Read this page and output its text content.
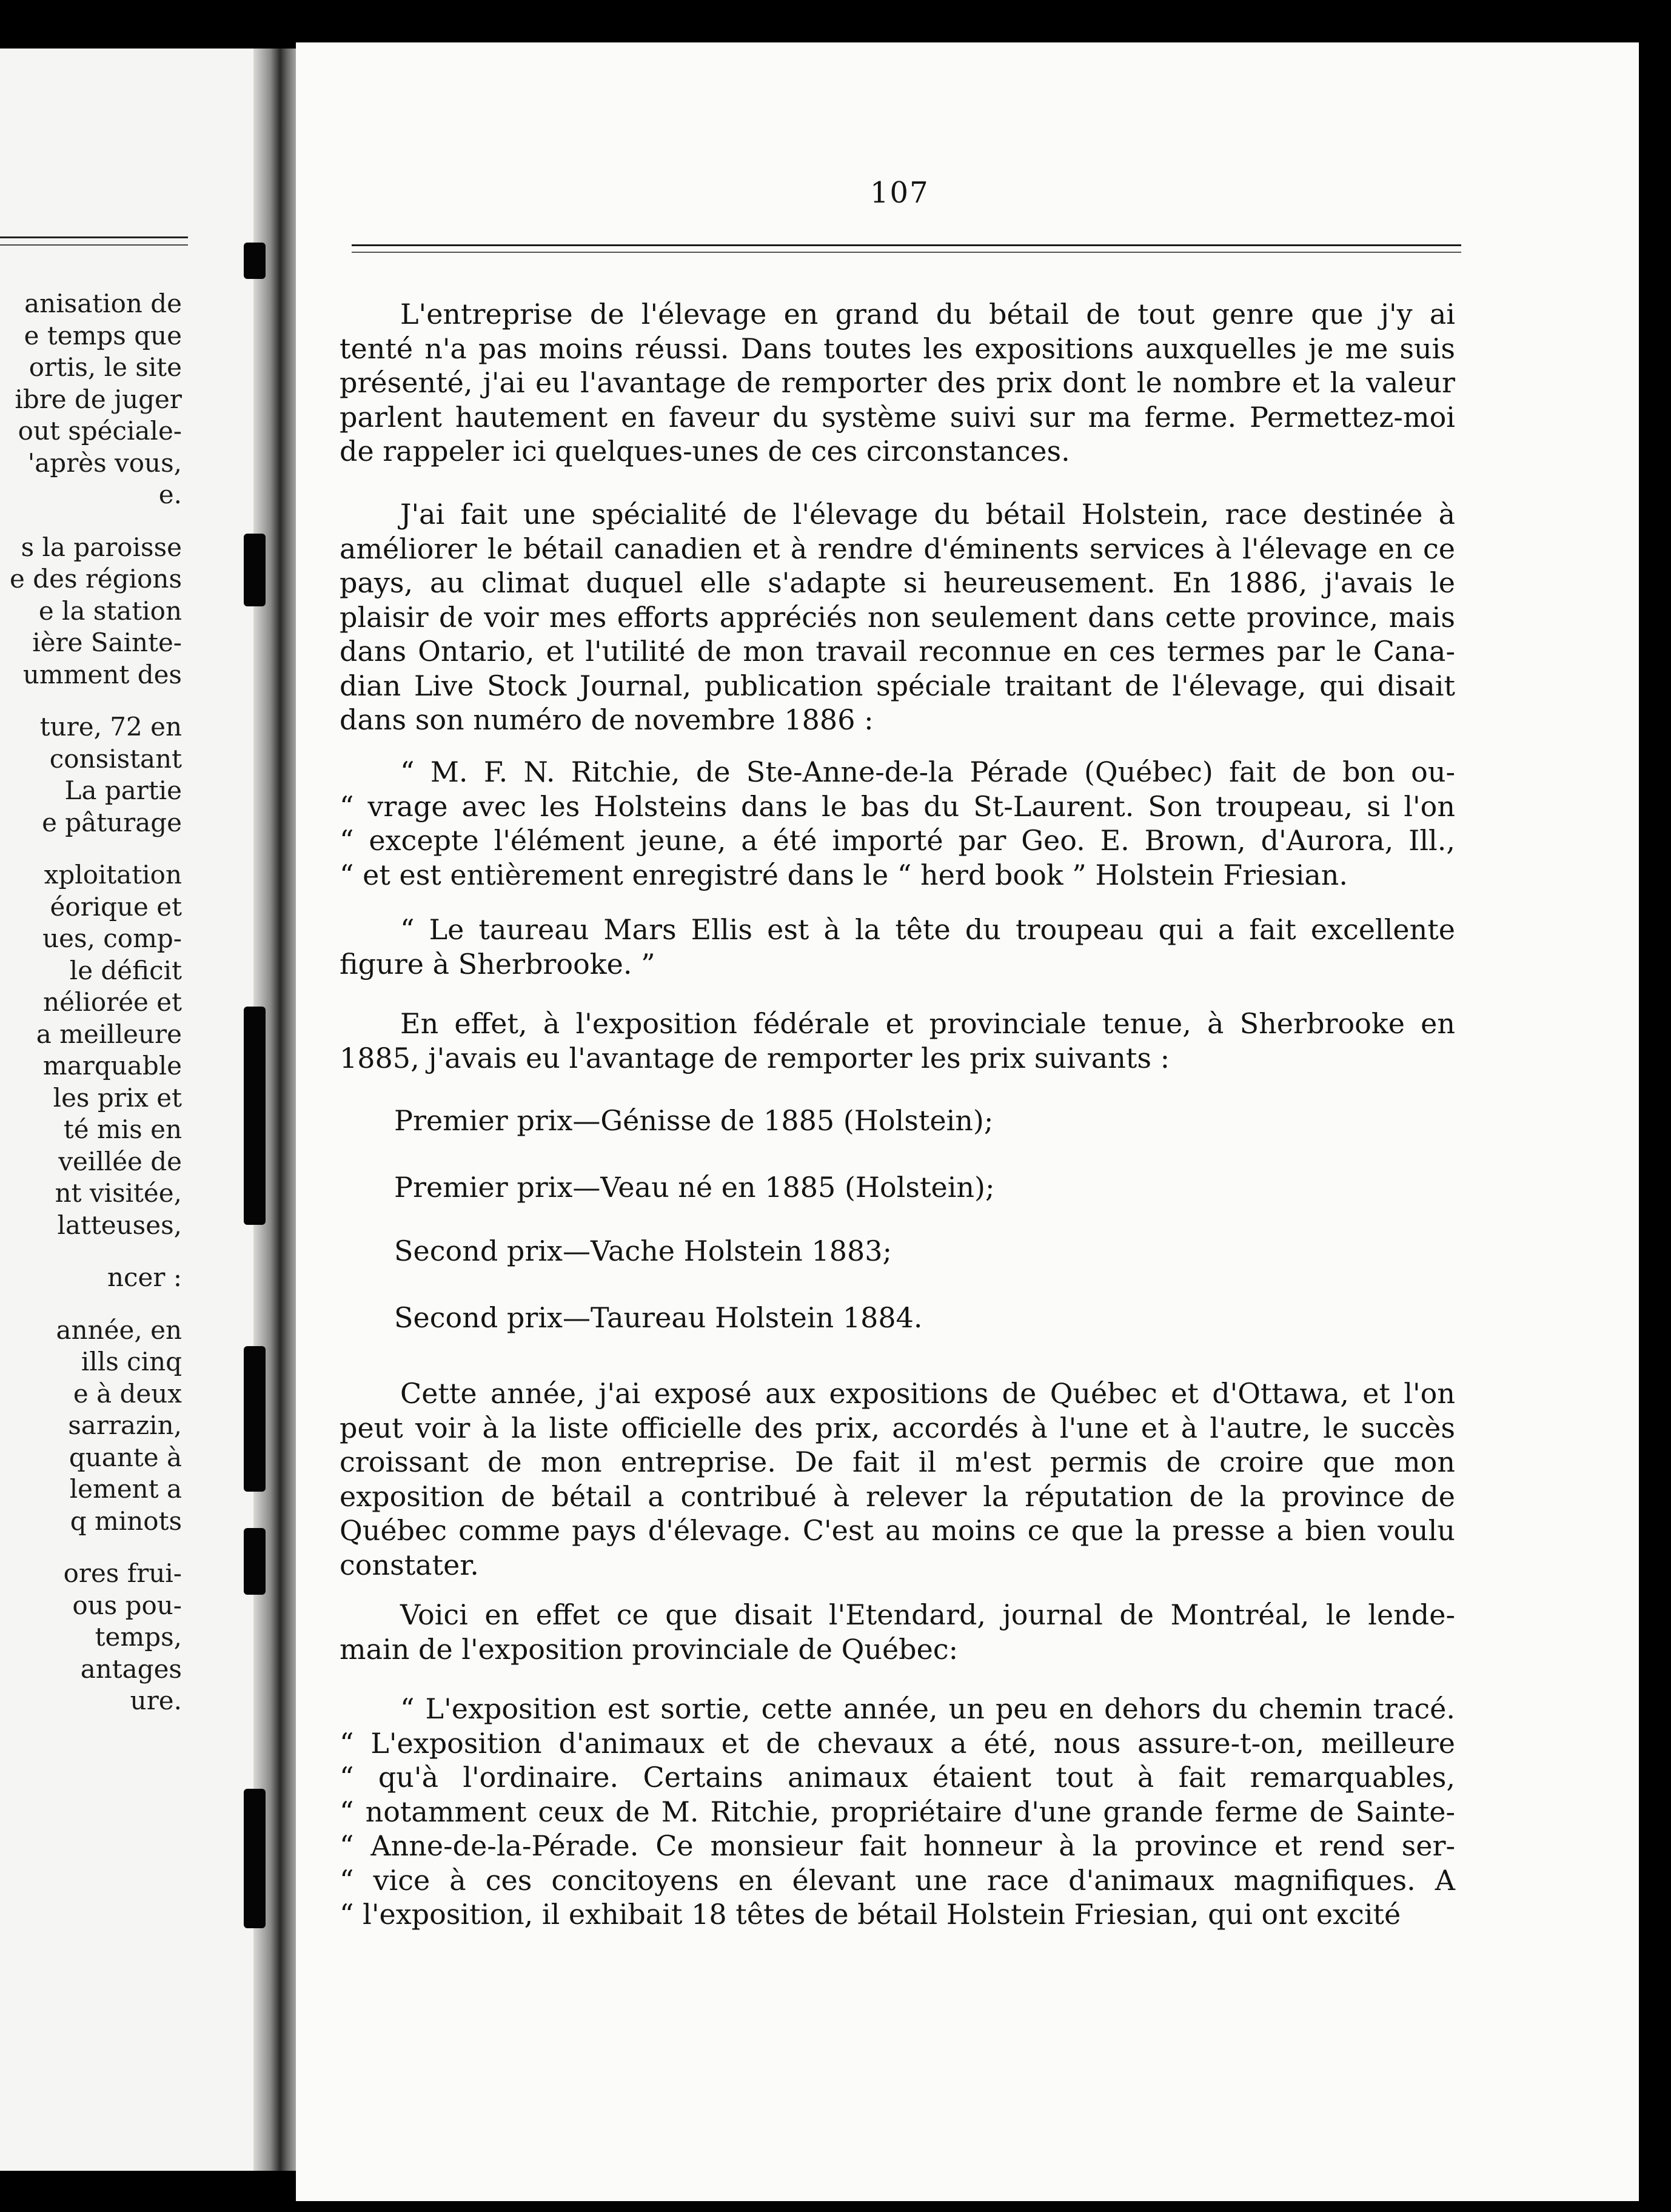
anisation de
e temps que
ortis, le site
ibre de juger
out spéciale-
'après vous,
e.
s la paroisse
e des régions
e la station
ière Sainte-
umment des
ture, 72 en
consistant
La partie
e pâturage
xploitation
éorique et
ues, comp-
le déficit
néliorée et
a meilleure
marquable
les prix et
té mis en
veillée de
nt visitée,
latteuses,
ncer :
année, en
ills cinq
e à deux
sarrazin,
quante à
lement a
q minots
ores frui-
ous pou-
temps,
antages
ure.
107
L'entreprise de l'élevage en grand du bétail de tout genre que j'y ai
tenté n'a pas moins réussi. Dans toutes les expositions auxquelles je me suis
présenté, j'ai eu l'avantage de remporter des prix dont le nombre et la valeur
parlent hautement en faveur du système suivi sur ma ferme. Permettez-moi
de rappeler ici quelques-unes de ces circonstances.
J'ai fait une spécialité de l'élevage du bétail Holstein, race destinée à
améliorer le bétail canadien et à rendre d'éminents services à l'élevage en ce
pays, au climat duquel elle s'adapte si heureusement. En 1886, j'avais le
plaisir de voir mes efforts appréciés non seulement dans cette province, mais
dans Ontario, et l'utilité de mon travail reconnue en ces termes par le Cana-
dian Live Stock Journal, publication spéciale traitant de l'élevage, qui disait
dans son numéro de novembre 1886 :
“ M. F. N. Ritchie, de Ste-Anne-de-la Pérade (Québec) fait de bon ou-
“ vrage avec les Holsteins dans le bas du St-Laurent. Son troupeau, si l'on
“ excepte l'élément jeune, a été importé par Geo. E. Brown, d'Aurora, Ill.,
“ et est entièrement enregistré dans le “ herd book ” Holstein Friesian.
“ Le taureau Mars Ellis est à la tête du troupeau qui a fait excellente
figure à Sherbrooke. ”
En effet, à l'exposition fédérale et provinciale tenue, à Sherbrooke en
1885, j'avais eu l'avantage de remporter les prix suivants :
Premier prix—Génisse de 1885 (Holstein);
Premier prix—Veau né en 1885 (Holstein);
Second prix—Vache Holstein 1883;
Second prix—Taureau Holstein 1884.
Cette année, j'ai exposé aux expositions de Québec et d'Ottawa, et l'on
peut voir à la liste officielle des prix, accordés à l'une et à l'autre, le succès
croissant de mon entreprise. De fait il m'est permis de croire que mon
exposition de bétail a contribué à relever la réputation de la province de
Québec comme pays d'élevage. C'est au moins ce que la presse a bien voulu
constater.
Voici en effet ce que disait l'Etendard, journal de Montréal, le lende-
main de l'exposition provinciale de Québec:
“ L'exposition est sortie, cette année, un peu en dehors du chemin tracé.
“ L'exposition d'animaux et de chevaux a été, nous assure-t-on, meilleure
“ qu'à l'ordinaire. Certains animaux étaient tout à fait remarquables,
“ notamment ceux de M. Ritchie, propriétaire d'une grande ferme de Sainte-
“ Anne-de-la-Pérade. Ce monsieur fait honneur à la province et rend ser-
“ vice à ces concitoyens en élevant une race d'animaux magnifiques. A
“ l'exposition, il exhibait 18 têtes de bétail Holstein Friesian, qui ont excité
